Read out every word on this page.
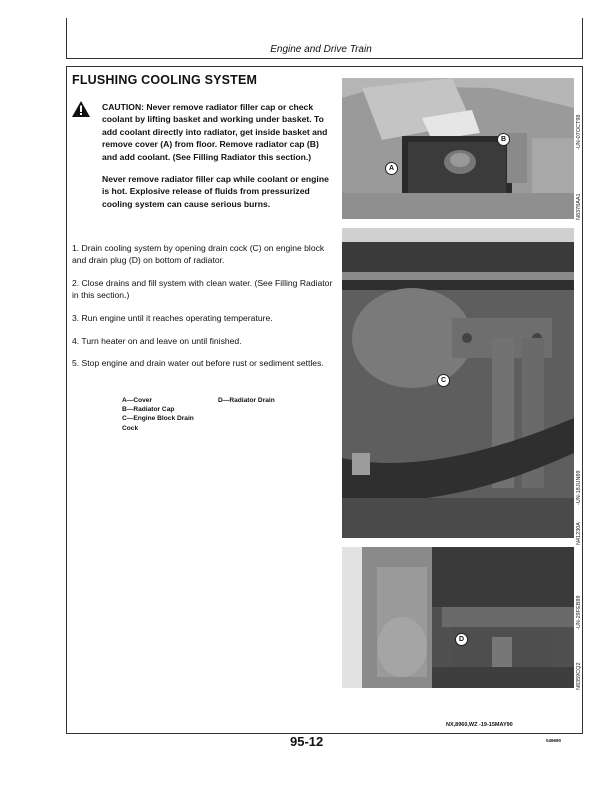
Engine and Drive Train
FLUSHING COOLING SYSTEM

CAUTION: Never remove radiator filler cap or check coolant by lifting basket and working under basket. To add coolant directly into radiator, get inside basket and remove cover (A) from floor. Remove radiator cap (B) and add coolant. (See Filling Radiator this section.)

Never remove radiator filler cap while coolant or engine is hot. Explosive release of fluids from pressurized cooling system can cause serious burns.

1. Drain cooling system by opening drain cock (C) on engine block and drain plug (D) on bottom of radiator.

2. Close drains and fill system with clean water. (See Filling Radiator in this section.)

3. Run engine until it reaches operating temperature.

4. Turn heater on and leave on until finished.

5. Stop engine and drain water out before rust or sediment settles.

A—Cover
B—Radiator Cap
C—Engine Block Drain
Cock
D—Radiator Drain
A
B
N8378AA1
-UN-07OCT98
C
-UN-18JUN89
N41230A
D
-UN-29FEB89
N8359CQ2
NX,8960,WZ -19-15MAY90
95-12	049690
